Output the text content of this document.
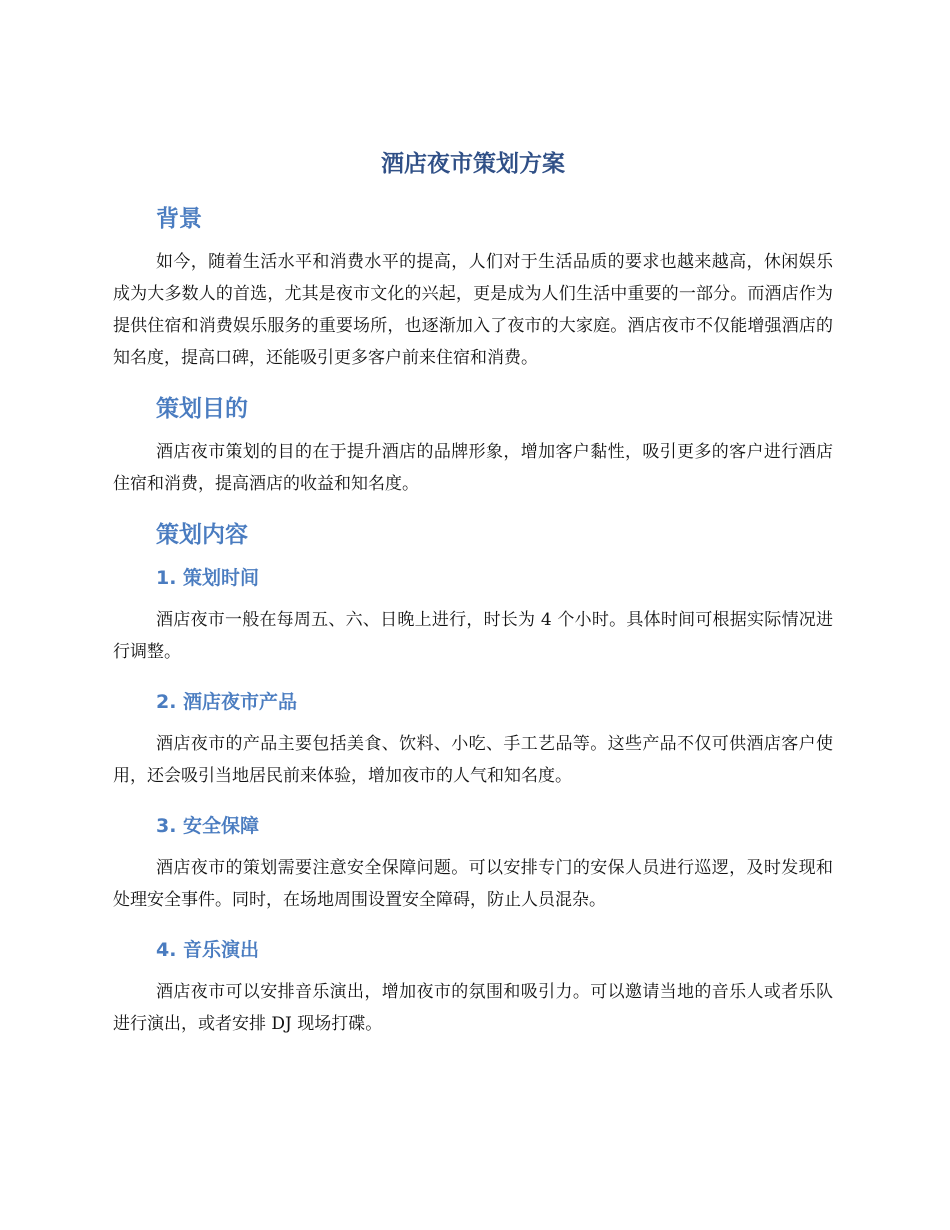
酒店夜市策划方案
背景

如今，随着生活水平和消费水平的提高，人们对于生活品质的要求也越来越高，休闲娱乐成为大多数人的首选，尤其是夜市文化的兴起，更是成为人们生活中重要的一部分。而酒店作为提供住宿和消费娱乐服务的重要场所，也逐渐加入了夜市的大家庭。酒店夜市不仅能增强酒店的知名度，提高口碑，还能吸引更多客户前来住宿和消费。

策划目的

酒店夜市策划的目的在于提升酒店的品牌形象，增加客户黏性，吸引更多的客户进行酒店住宿和消费，提高酒店的收益和知名度。

策划内容
1. 策划时间

酒店夜市一般在每周五、六、日晚上进行，时长为 4 个小时。具体时间可根据实际情况进行调整。

2. 酒店夜市产品

酒店夜市的产品主要包括美食、饮料、小吃、手工艺品等。这些产品不仅可供酒店客户使用，还会吸引当地居民前来体验，增加夜市的人气和知名度。

3. 安全保障

酒店夜市的策划需要注意安全保障问题。可以安排专门的安保人员进行巡逻，及时发现和处理安全事件。同时，在场地周围设置安全障碍，防止人员混杂。

4. 音乐演出

酒店夜市可以安排音乐演出，增加夜市的氛围和吸引力。可以邀请当地的音乐人或者乐队进行演出，或者安排 DJ 现场打碟。
